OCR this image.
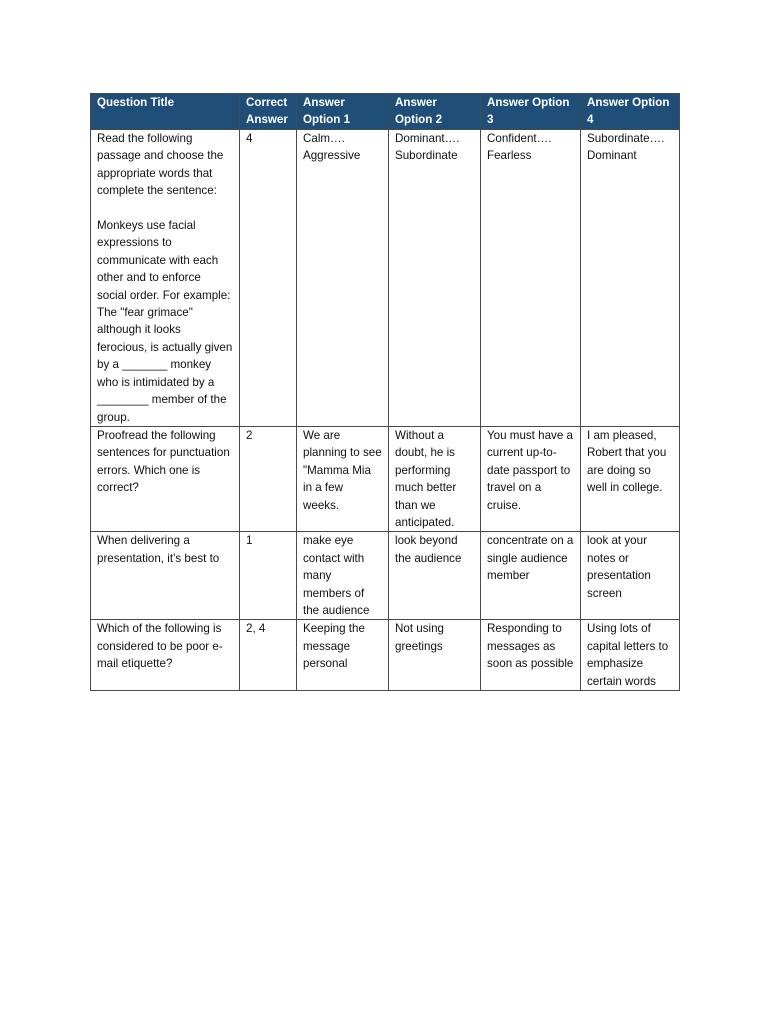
Question Title	Correct Answer	Answer Option 1	Answer Option 2	Answer Option 3	Answer Option 4
Read the following passage and choose the appropriate words that complete the sentence:

Monkeys use facial expressions to communicate with each other and to enforce social order. For example: The "fear grimace" although it looks ferocious, is actually given by a _______ monkey who is intimidated by a ________ member of the group.	4	Calm…. Aggressive	Dominant…. Subordinate	Confident…. Fearless	Subordinate…. Dominant
Proofread the following sentences for punctuation errors. Which one is correct?	2	We are planning to see "Mamma Mia in a few weeks.	Without a doubt, he is performing much better than we anticipated.	You must have a current up-to-date passport to travel on a cruise.	I am pleased, Robert that you are doing so well in college.
When delivering a presentation, it’s best to	1	make eye contact with many members of the audience	look beyond the audience	concentrate on a single audience member	look at your notes or presentation screen
Which of the following is considered to be poor e-mail etiquette?	2, 4	Keeping the message personal	Not using greetings	Responding to messages as soon as possible	Using lots of capital letters to emphasize certain words
